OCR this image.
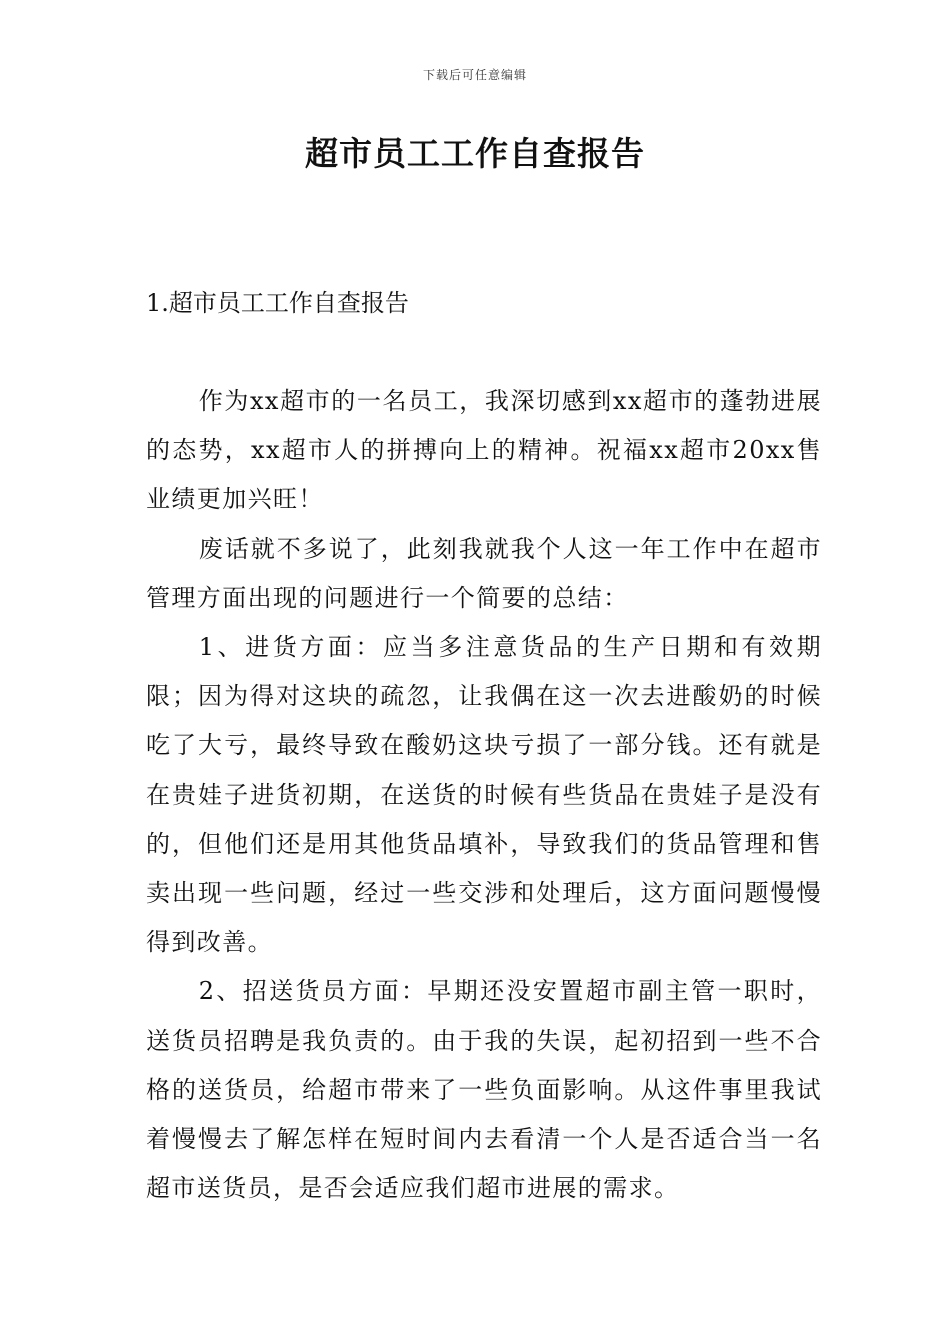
下载后可任意编辑
超市员工工作自查报告
1.超市员工工作自查报告

作为xx超市的一名员工，我深切感到xx超市的蓬勃进展的态势，xx超市人的拼搏向上的精神。祝福xx超市20xx售业绩更加兴旺！

废话就不多说了，此刻我就我个人这一年工作中在超市管理方面出现的问题进行一个简要的总结：

1、进货方面：应当多注意货品的生产日期和有效期限；因为得对这块的疏忽，让我偶在这一次去进酸奶的时候吃了大亏，最终导致在酸奶这块亏损了一部分钱。还有就是在贵娃子进货初期，在送货的时候有些货品在贵娃子是没有的，但他们还是用其他货品填补，导致我们的货品管理和售卖出现一些问题，经过一些交涉和处理后，这方面问题慢慢得到改善。

2、招送货员方面：早期还没安置超市副主管一职时，送货员招聘是我负责的。由于我的失误，起初招到一些不合格的送货员，给超市带来了一些负面影响。从这件事里我试着慢慢去了解怎样在短时间内去看清一个人是否适合当一名超市送货员，是否会适应我们超市进展的需求。
